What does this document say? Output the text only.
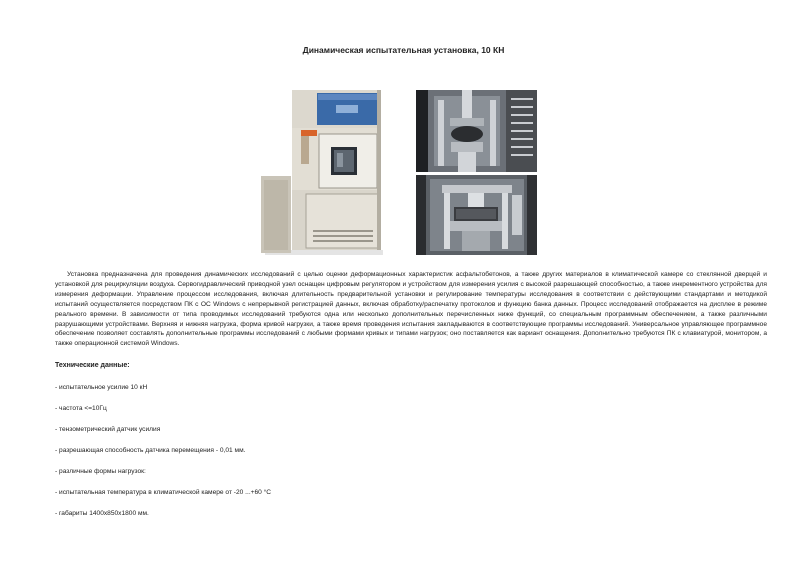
Динамическая испытательная установка, 10 КН

Установка предназначена для проведения динамических исследований с целью оценки деформационных характеристик асфальтобетонов, а также других материалов в климатической камере со стеклянной дверцей и установкой для рециркуляции воздуха. Сервогидравлический приводной узел оснащен цифровым регулятором и устройством для измерения усилия с высокой разрешающей способностью, а также инкрементного устройства для измерения деформации. Управление процессом исследования, включая длительность предварительной установки и регулирование температуры исследования в соответствии с действующими стандартами и методикой испытаний осуществляется посредством ПК с ОС Windows с непрерывной регистрацией данных, включая обработку/распечатку протоколов и функцию банка данных. Процесс исследований отображается на дисплее в режиме реального времени. В зависимости от типа проводимых исследований требуются одна или несколько дополнительных перечисленных ниже функций, со специальным программным обеспечением, а также различными разрушающими устройствами. Верхняя и нижняя нагрузка, форма кривой нагрузки, а также время проведения испытания закладываются в соответствующие программы исследований. Универсальное управляющее программное обеспечение позволяет составлять дополнительные программы исследований с любыми формами кривых и типами нагрузок; оно поставляется как вариант оснащения. Дополнительно требуются ПК с клавиатурой, монитором, а также операционной системой Windows.

Технические данные:

- испытательное усилие 10 кН
- частота <=10Гц
- тензометрический датчик усилия
- разрешающая способность датчика перемещения - 0,01 мм.
- различные формы нагрузок:
- испытательная температура в климатической камере от -20 ...+60 °С
- габариты 1400x850x1800 мм.
